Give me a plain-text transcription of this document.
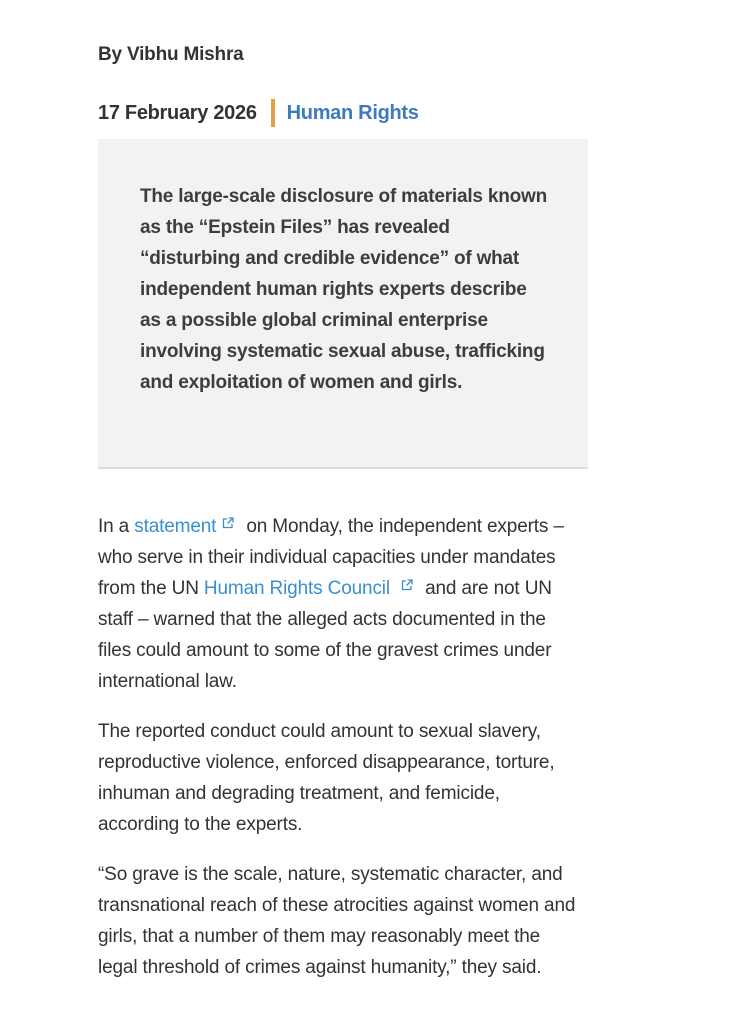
By Vibhu Mishra
17 February 2026 Human Rights

The large-scale disclosure of materials known as the “Epstein Files” has revealed “disturbing and credible evidence” of what independent human rights experts describe as a possible global criminal enterprise involving systematic sexual abuse, trafficking and exploitation of women and girls.

In a statement on Monday, the independent experts – who serve in their individual capacities under mandates from the UN Human Rights Council and are not UN staff – warned that the alleged acts documented in the files could amount to some of the gravest crimes under international law.

The reported conduct could amount to sexual slavery, reproductive violence, enforced disappearance, torture, inhuman and degrading treatment, and femicide, according to the experts.

“So grave is the scale, nature, systematic character, and transnational reach of these atrocities against women and girls, that a number of them may reasonably meet the legal threshold of crimes against humanity,” they said.
